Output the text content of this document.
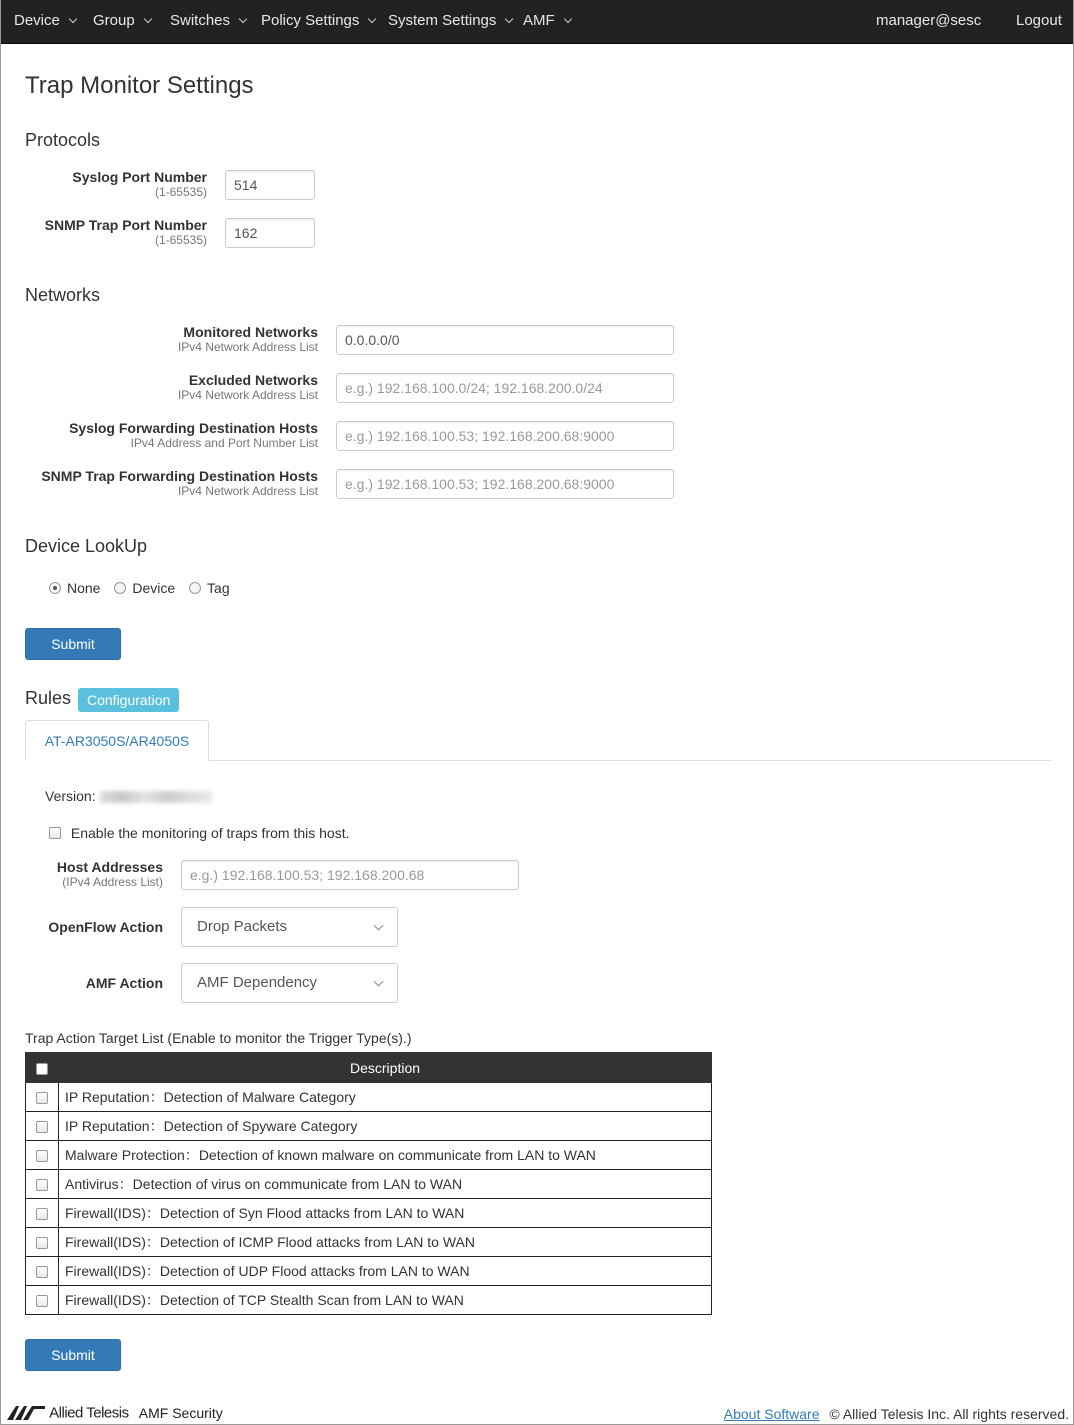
Device	Group	Switches	Policy Settings	System Settings	AMF	manager@sesc Logout
Trap Monitor Settings
Protocols
Syslog Port Number
(1-65535)
514
SNMP Trap Port Number
(1-65535)
162
Networks
Monitored Networks
IPv4 Network Address List
0.0.0.0/0
Excluded Networks
IPv4 Network Address List
e.g.) 192.168.100.0/24; 192.168.200.0/24
Syslog Forwarding Destination Hosts
IPv4 Address and Port Number List
e.g.) 192.168.100.53; 192.168.200.68:9000
SNMP Trap Forwarding Destination Hosts
IPv4 Network Address List
e.g.) 192.168.100.53; 192.168.200.68:9000
Device LookUp
None Device Tag
Submit
Rules	Configuration
AT-AR3050S/AR4050S
Version:
Enable the monitoring of traps from this host.
Host Addresses
(IPv4 Address List)
e.g.) 192.168.100.53; 192.168.200.68
OpenFlow Action	Drop Packets
AMF Action	AMF Dependency
Trap Action Target List (Enable to monitor the Trigger Type(s).)
	Description
	IP Reputation：Detection of Malware Category
	IP Reputation：Detection of Spyware Category
	Malware Protection：Detection of known malware on communicate from LAN to WAN
	Antivirus：Detection of virus on communicate from LAN to WAN
	Firewall(IDS)：Detection of Syn Flood attacks from LAN to WAN
	Firewall(IDS)：Detection of ICMP Flood attacks from LAN to WAN
	Firewall(IDS)：Detection of UDP Flood attacks from LAN to WAN
	Firewall(IDS)：Detection of TCP Stealth Scan from LAN to WAN
Submit
Allied Telesis AMF Security	About Software © Allied Telesis Inc. All rights reserved.
